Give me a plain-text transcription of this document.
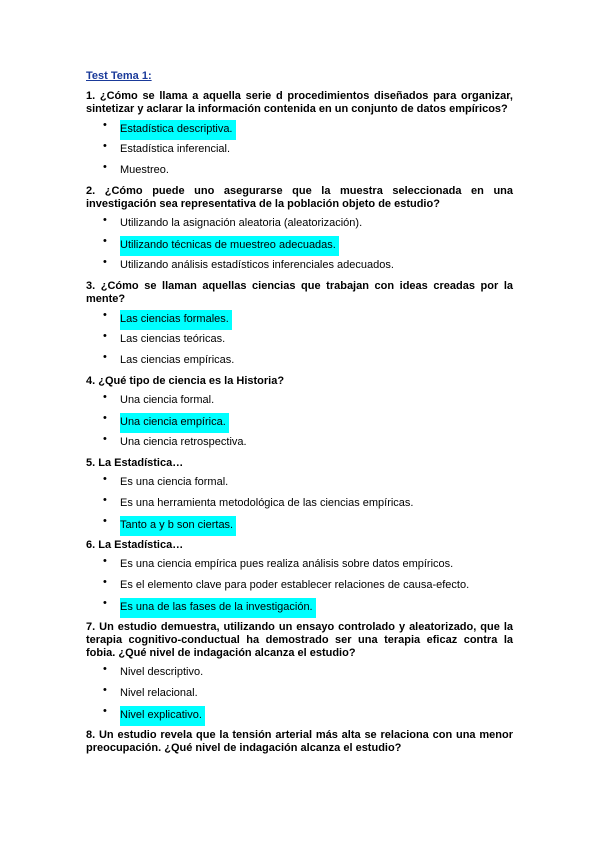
Test Tema 1:
1. ¿Cómo se llama a aquella serie d procedimientos diseñados para organizar, sintetizar y aclarar la información contenida en un conjunto de datos empíricos?
• Estadística descriptiva.
• Estadística inferencial.
• Muestreo.
2. ¿Cómo puede uno asegurarse que la muestra seleccionada en una investigación sea representativa de la población objeto de estudio?
• Utilizando la asignación aleatoria (aleatorización).
• Utilizando técnicas de muestreo adecuadas.
• Utilizando análisis estadísticos inferenciales adecuados.
3. ¿Cómo se llaman aquellas ciencias que trabajan con ideas creadas por la mente?
• Las ciencias formales.
• Las ciencias teóricas.
• Las ciencias empíricas.
4. ¿Qué tipo de ciencia es la Historia?
• Una ciencia formal.
• Una ciencia empírica.
• Una ciencia retrospectiva.
5. La Estadística…
• Es una ciencia formal.
• Es una herramienta metodológica de las ciencias empíricas.
• Tanto a y b son ciertas.
6. La Estadística…
• Es una ciencia empírica pues realiza análisis sobre datos empíricos.
• Es el elemento clave para poder establecer relaciones de causa-efecto.
• Es una de las fases de la investigación.
7. Un estudio demuestra, utilizando un ensayo controlado y aleatorizado, que la terapia cognitivo-conductual ha demostrado ser una terapia eficaz contra la fobia. ¿Qué nivel de indagación alcanza el estudio?
• Nivel descriptivo.
• Nivel relacional.
• Nivel explicativo.
8. Un estudio revela que la tensión arterial más alta se relaciona con una menor preocupación. ¿Qué nivel de indagación alcanza el estudio?
